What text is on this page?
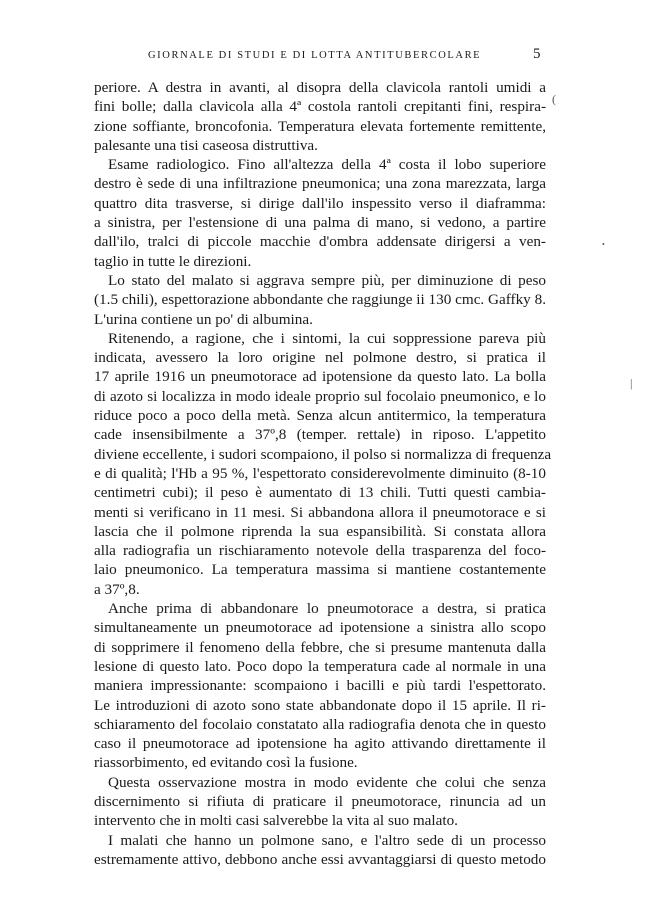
GIORNALE DI STUDI E DI LOTTA ANTITUBERCOLARE	5
periore. A destra in avanti, al disopra della clavicola rantoli umidi a
fini bolle; dalla clavicola alla 4ª costola rantoli crepitanti fini, respira-
zione soffiante, broncofonia. Temperatura elevata fortemente remittente,
palesante una tisi caseosa distruttiva.
Esame radiologico. Fino all'altezza della 4ª costa il lobo superiore
destro è sede di una infiltrazione pneumonica; una zona marezzata, larga
quattro dita trasverse, si dirige dall'ilo inspessito verso il diaframma:
a sinistra, per l'estensione di una palma di mano, si vedono, a partire
dall'ilo, tralci di piccole macchie d'ombra addensate dirigersi a ven-
taglio in tutte le direzioni.
Lo stato del malato si aggrava sempre più, per diminuzione di peso
(1.5 chili), espettorazione abbondante che raggiunge ii 130 cmc. Gaffky 8.
L'urina contiene un po' di albumina.
Ritenendo, a ragione, che i sintomi, la cui soppressione pareva più
indicata, avessero la loro origine nel polmone destro, si pratica il
17 aprile 1916 un pneumotorace ad ipotensione da questo lato. La bolla
di azoto si localizza in modo ideale proprio sul focolaio pneumonico, e lo
riduce poco a poco della metà. Senza alcun antitermico, la temperatura
cade insensibilmente a 37º,8 (temper. rettale) in riposo. L'appetito
diviene eccellente, i sudori scompaiono, il polso si normalizza di frequenza
e di qualità; l'Hb a 95 %, l'espettorato considerevolmente diminuito (8-10
centimetri cubi); il peso è aumentato di 13 chili. Tutti questi cambia-
menti si verificano in 11 mesi. Si abbandona allora il pneumotorace e si
lascia che il polmone riprenda la sua espansibilità. Si constata allora
alla radiografia un rischiaramento notevole della trasparenza del foco-
laio pneumonico. La temperatura massima si mantiene costantemente
a 37º,8.
Anche prima di abbandonare lo pneumotorace a destra, si pratica
simultaneamente un pneumotorace ad ipotensione a sinistra allo scopo
di sopprimere il fenomeno della febbre, che si presume mantenuta dalla
lesione di questo lato. Poco dopo la temperatura cade al normale in una
maniera impressionante: scompaiono i bacilli e più tardi l'espettorato.
Le introduzioni di azoto sono state abbandonate dopo il 15 aprile. Il ri-
schiaramento del focolaio constatato alla radiografia denota che in questo
caso il pneumotorace ad ipotensione ha agito attivando direttamente il
riassorbimento, ed evitando così la fusione.
Questa osservazione mostra in modo evidente che colui che senza
discernimento si rifiuta di praticare il pneumotorace, rinuncia ad un
intervento che in molti casi salverebbe la vita al suo malato.
I malati che hanno un polmone sano, e l'altro sede di un processo
estremamente attivo, debbono anche essi avvantaggiarsi di questo metodo
(
•
|
